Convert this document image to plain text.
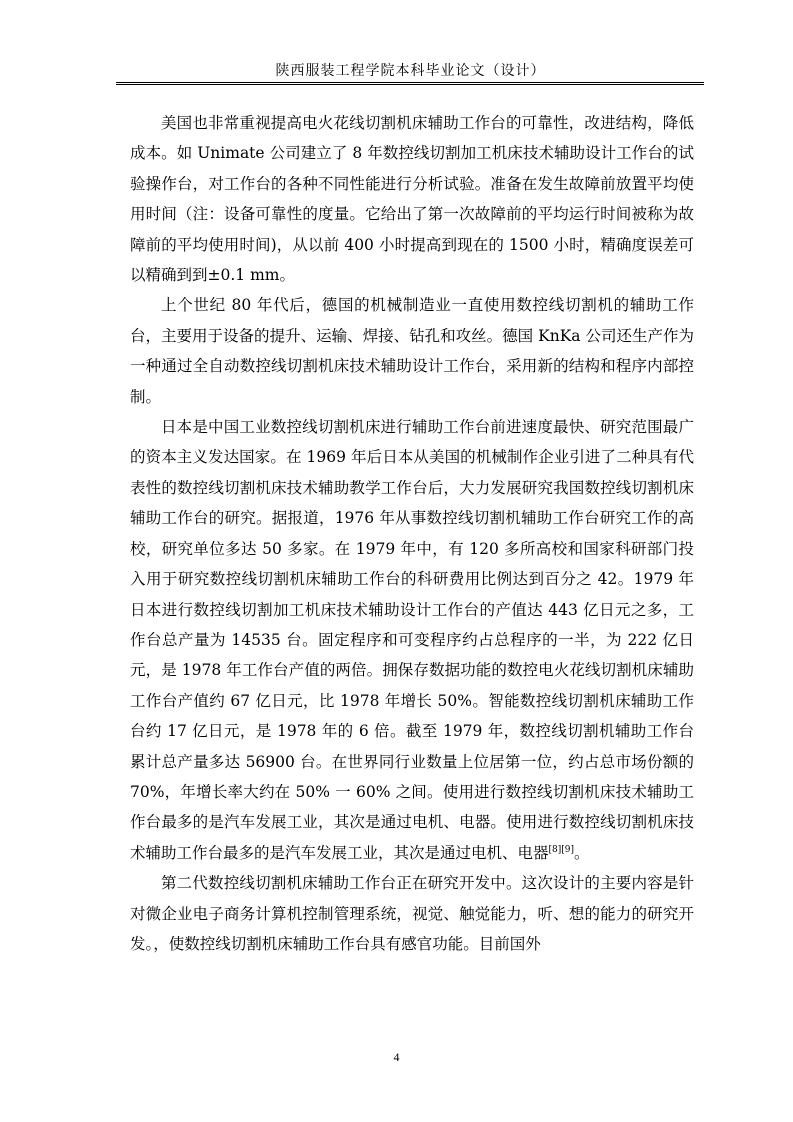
陕西服装工程学院本科毕业论文（设计）

美国也非常重视提高电火花线切割机床辅助工作台的可靠性，改进结构，降低成本。如 Unimate 公司建立了 8 年数控线切割加工机床技术辅助设计工作台的试验操作台，对工作台的各种不同性能进行分析试验。准备在发生故障前放置平均使用时间（注：设备可靠性的度量。它给出了第一次故障前的平均运行时间被称为故障前的平均使用时间)，从以前 400 小时提高到现在的 1500 小时，精确度误差可以精确到到±0.1 mm。

上个世纪 80 年代后，德国的机械制造业一直使用数控线切割机的辅助工作台，主要用于设备的提升、运输、焊接、钻孔和攻丝。德国 KnKa 公司还生产作为一种通过全自动数控线切割机床技术辅助设计工作台，采用新的结构和程序内部控制。

日本是中国工业数控线切割机床进行辅助工作台前进速度最快、研究范围最广的资本主义发达国家。在 1969 年后日本从美国的机械制作企业引进了二种具有代表性的数控线切割机床技术辅助教学工作台后，大力发展研究我国数控线切割机床辅助工作台的研究。据报道，1976 年从事数控线切割机辅助工作台研究工作的高校，研究单位多达 50 多家。在 1979 年中，有 120 多所高校和国家科研部门投入用于研究数控线切割机床辅助工作台的科研费用比例达到百分之 42。1979 年日本进行数控线切割加工机床技术辅助设计工作台的产值达 443 亿日元之多，工作台总产量为 14535 台。固定程序和可变程序约占总程序的一半，为 222 亿日元，是 1978 年工作台产值的两倍。拥保存数据功能的数控电火花线切割机床辅助工作台产值约 67 亿日元，比 1978 年增长 50%。智能数控线切割机床辅助工作台约 17 亿日元，是 1978 年的 6 倍。截至 1979 年，数控线切割机辅助工作台累计总产量多达 56900 台。在世界同行业数量上位居第一位，约占总市场份额的 70%，年增长率大约在 50% 一 60% 之间。使用进行数控线切割机床技术辅助工作台最多的是汽车发展工业，其次是通过电机、电器。使用进行数控线切割机床技术辅助工作台最多的是汽车发展工业，其次是通过电机、电器[8][9]。

第二代数控线切割机床辅助工作台正在研究开发中。这次设计的主要内容是针对微企业电子商务计算机控制管理系统，视觉、触觉能力，听、想的能力的研究开发。，使数控线切割机床辅助工作台具有感官功能。目前国外

4
